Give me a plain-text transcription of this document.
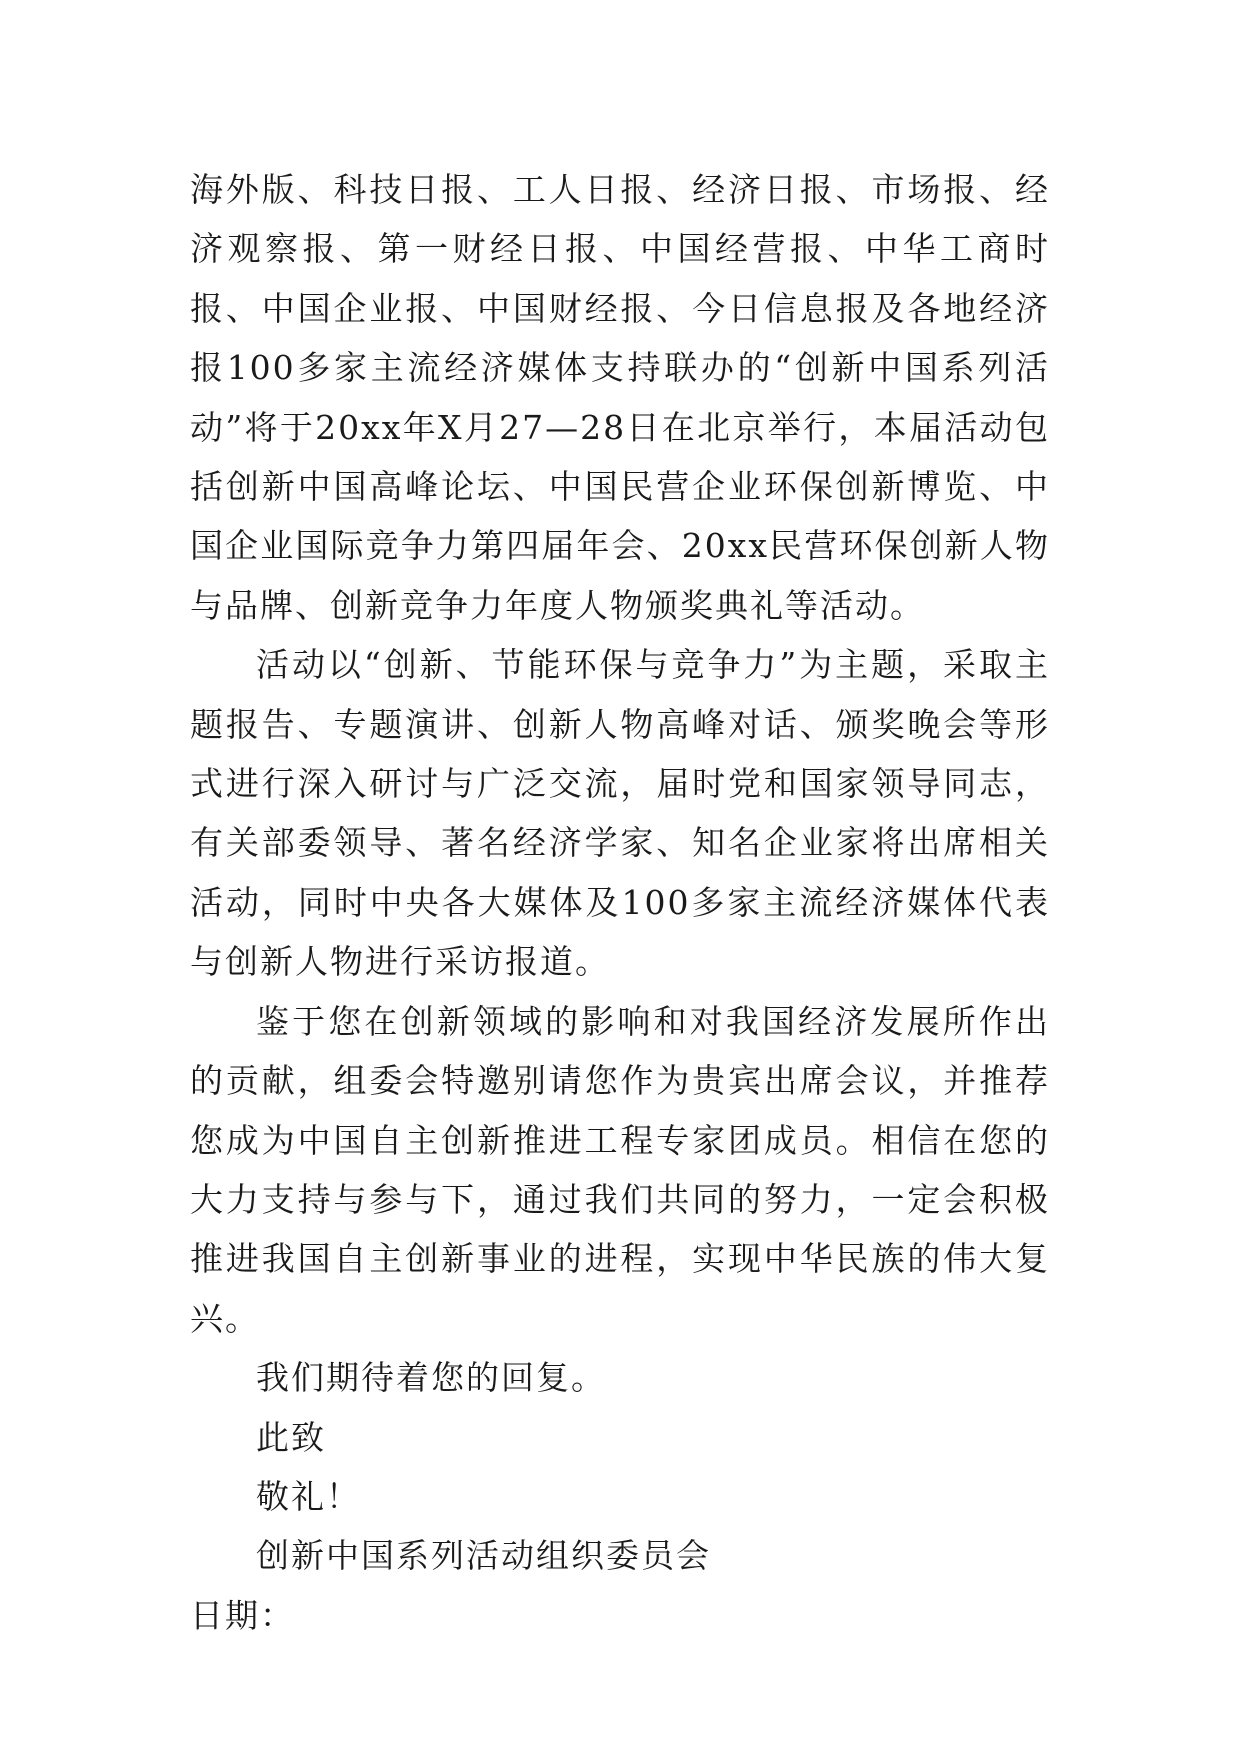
海外版、科技日报、工人日报、经济日报、市场报、经济观察报、第一财经日报、中国经营报、中华工商时报、中国企业报、中国财经报、今日信息报及各地经济报100多家主流经济媒体支持联办的“创新中国系列活动”将于20xx年X月27—28日在北京举行，本届活动包括创新中国高峰论坛、中国民营企业环保创新博览、中国企业国际竞争力第四届年会、20xx民营环保创新人物与品牌、创新竞争力年度人物颁奖典礼等活动。

活动以“创新、节能环保与竞争力”为主题，采取主题报告、专题演讲、创新人物高峰对话、颁奖晚会等形式进行深入研讨与广泛交流，届时党和国家领导同志，有关部委领导、著名经济学家、知名企业家将出席相关活动，同时中央各大媒体及100多家主流经济媒体代表与创新人物进行采访报道。

鉴于您在创新领域的影响和对我国经济发展所作出的贡献，组委会特邀别请您作为贵宾出席会议，并推荐您成为中国自主创新推进工程专家团成员。相信在您的大力支持与参与下，通过我们共同的努力，一定会积极推进我国自主创新事业的进程，实现中华民族的伟大复兴。

我们期待着您的回复。

此致

敬礼！

创新中国系列活动组织委员会

日期：
